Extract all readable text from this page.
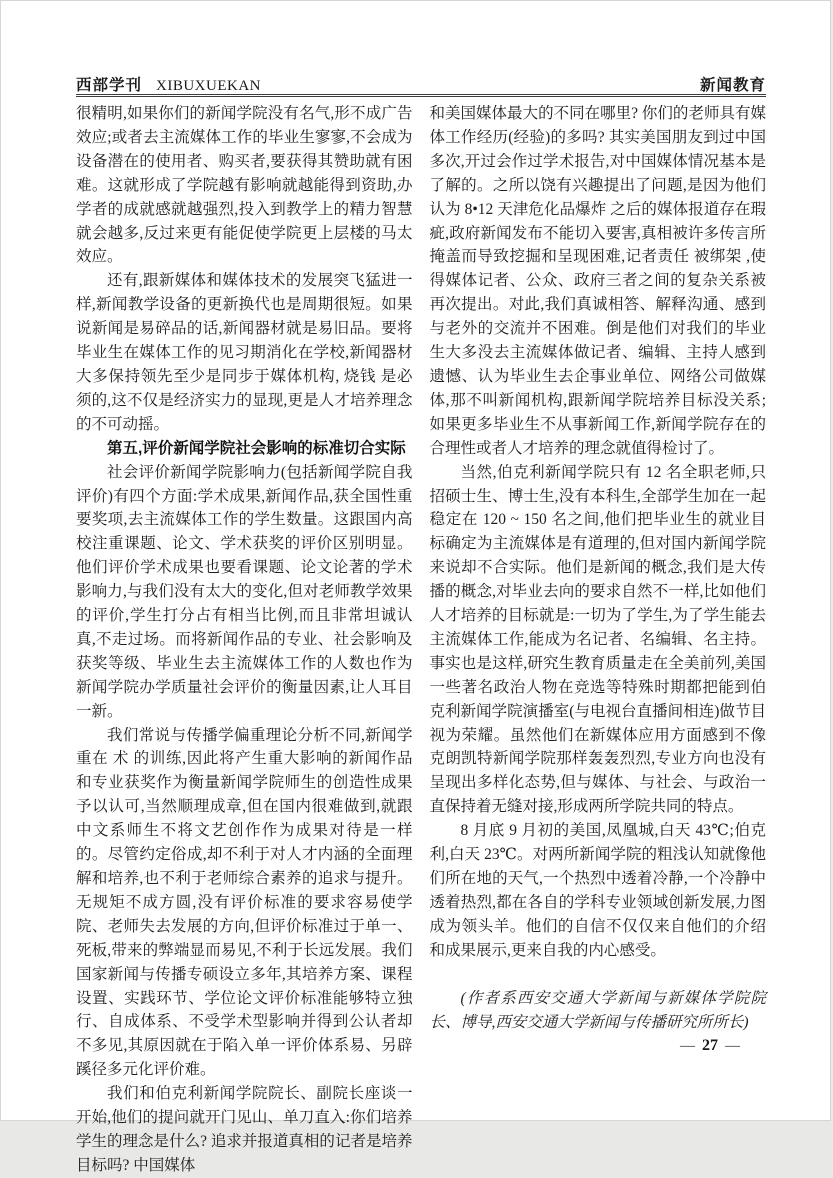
西部学刊 XIBUXUEKAN	新闻教育

很精明,如果你们的新闻学院没有名气,形不成广告效应;或者去主流媒体工作的毕业生寥寥,不会成为设备潜在的使用者、购买者,要获得其赞助就有困难。这就形成了学院越有影响就越能得到资助,办学者的成就感就越强烈,投入到教学上的精力智慧就会越多,反过来更有能促使学院更上层楼的马太效应。

还有,跟新媒体和媒体技术的发展突飞猛进一样,新闻教学设备的更新换代也是周期很短。如果说新闻是易碎品的话,新闻器材就是易旧品。要将毕业生在媒体工作的见习期消化在学校,新闻器材大多保持领先至少是同步于媒体机构, 烧钱 是必须的,这不仅是经济实力的显现,更是人才培养理念的不可动摇。

第五,评价新闻学院社会影响的标准切合实际

社会评价新闻学院影响力(包括新闻学院自我评价)有四个方面:学术成果,新闻作品,获全国性重要奖项,去主流媒体工作的学生数量。这跟国内高校注重课题、论文、学术获奖的评价区别明显。他们评价学术成果也要看课题、论文论著的学术影响力,与我们没有太大的变化,但对老师教学效果的评价,学生打分占有相当比例,而且非常坦诚认真,不走过场。而将新闻作品的专业、社会影响及获奖等级、毕业生去主流媒体工作的人数也作为新闻学院办学质量社会评价的衡量因素,让人耳目一新。

我们常说与传播学偏重理论分析不同,新闻学重在 术 的训练,因此将产生重大影响的新闻作品和专业获奖作为衡量新闻学院师生的创造性成果予以认可,当然顺理成章,但在国内很难做到,就跟中文系师生不将文艺创作作为成果对待是一样的。尽管约定俗成,却不利于对人才内涵的全面理解和培养,也不利于老师综合素养的追求与提升。无规矩不成方圆,没有评价标准的要求容易使学院、老师失去发展的方向,但评价标准过于单一、死板,带来的弊端显而易见,不利于长远发展。我们国家新闻与传播专硕设立多年,其培养方案、课程设置、实践环节、学位论文评价标准能够特立独行、自成体系、不受学术型影响并得到公认者却不多见,其原因就在于陷入单一评价体系易、另辟蹊径多元化评价难。

我们和伯克利新闻学院院长、副院长座谈一开始,他们的提问就开门见山、单刀直入:你们培养学生的理念是什么? 追求并报道真相的记者是培养目标吗? 中国媒体

和美国媒体最大的不同在哪里? 你们的老师具有媒体工作经历(经验)的多吗? 其实美国朋友到过中国多次,开过会作过学术报告,对中国媒体情况基本是了解的。之所以饶有兴趣提出了问题,是因为他们认为 8•12 天津危化品爆炸 之后的媒体报道存在瑕疵,政府新闻发布不能切入要害,真相被许多传言所掩盖而导致挖掘和呈现困难,记者责任 被绑架 ,使得媒体记者、公众、政府三者之间的复杂关系被再次提出。对此,我们真诚相答、解释沟通、感到与老外的交流并不困难。倒是他们对我们的毕业生大多没去主流媒体做记者、编辑、主持人感到遗憾、认为毕业生去企事业单位、网络公司做媒体,那不叫新闻机构,跟新闻学院培养目标没关系;如果更多毕业生不从事新闻工作,新闻学院存在的合理性或者人才培养的理念就值得检讨了。

当然,伯克利新闻学院只有 12 名全职老师,只招硕士生、博士生,没有本科生,全部学生加在一起稳定在 120 ~ 150 名之间,他们把毕业生的就业目标确定为主流媒体是有道理的,但对国内新闻学院来说却不合实际。他们是新闻的概念,我们是大传播的概念,对毕业去向的要求自然不一样,比如他们人才培养的目标就是:一切为了学生,为了学生能去主流媒体工作,能成为名记者、名编辑、名主持。事实也是这样,研究生教育质量走在全美前列,美国一些著名政治人物在竞选等特殊时期都把能到伯克利新闻学院演播室(与电视台直播间相连)做节目视为荣耀。虽然他们在新媒体应用方面感到不像克朗凯特新闻学院那样轰轰烈烈,专业方向也没有呈现出多样化态势,但与媒体、与社会、与政治一直保持着无缝对接,形成两所学院共同的特点。

8 月底 9 月初的美国,凤凰城,白天 43℃;伯克利,白天 23℃。对两所新闻学院的粗浅认知就像他们所在地的天气,一个热烈中透着冷静,一个冷静中透着热烈,都在各自的学科专业领域创新发展,力图成为领头羊。他们的自信不仅仅来自他们的介绍和成果展示,更来自我的内心感受。

(作者系西安交通大学新闻与新媒体学院院长、博导,西安交通大学新闻与传播研究所所长)

— 27 —
